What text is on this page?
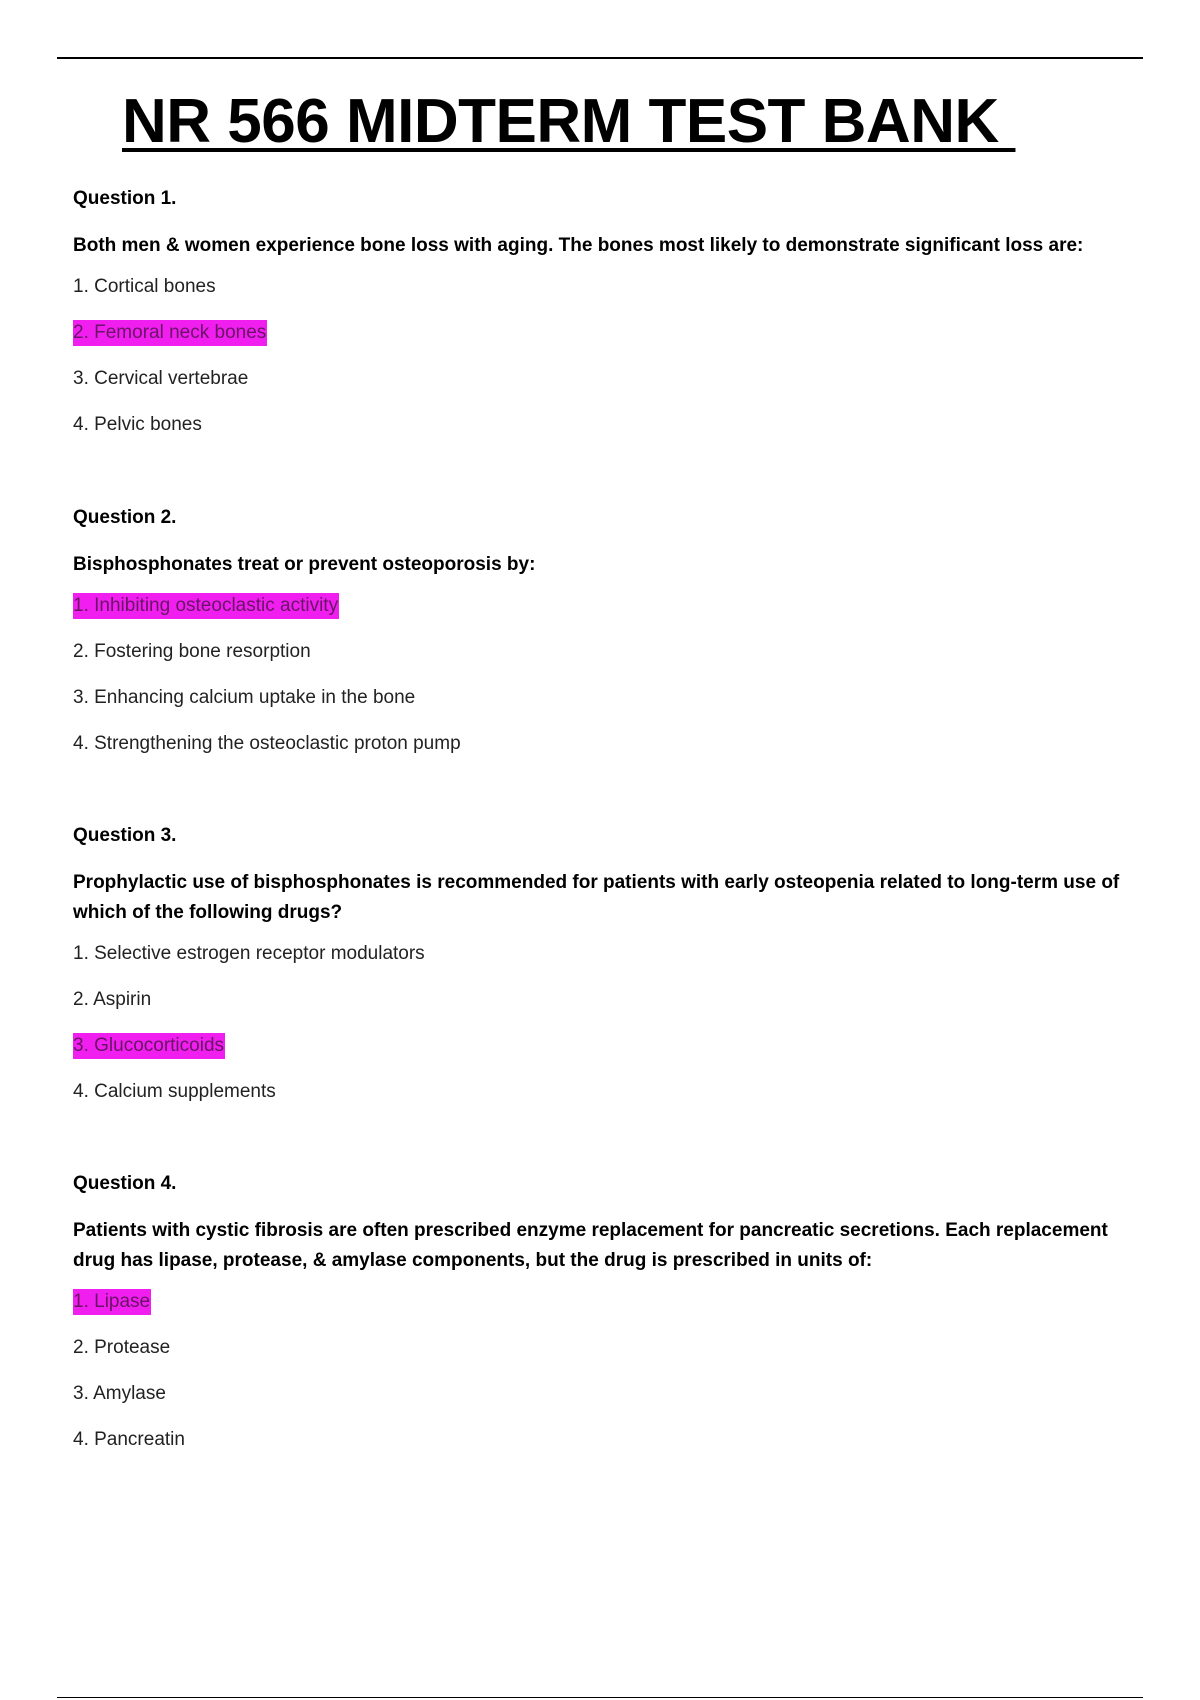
NR 566 MIDTERM TEST BANK

Question 1.

Both men & women experience bone loss with aging. The bones most likely to demonstrate significant loss are:

1. Cortical bones
2. Femoral neck bones
3. Cervical vertebrae
4. Pelvic bones

Question 2.

Bisphosphonates treat or prevent osteoporosis by:

1. Inhibiting osteoclastic activity
2. Fostering bone resorption
3. Enhancing calcium uptake in the bone
4. Strengthening the osteoclastic proton pump

Question 3.

Prophylactic use of bisphosphonates is recommended for patients with early osteopenia related to long-term use of which of the following drugs?

1. Selective estrogen receptor modulators
2. Aspirin
3. Glucocorticoids
4. Calcium supplements

Question 4.

Patients with cystic fibrosis are often prescribed enzyme replacement for pancreatic secretions. Each replacement drug has lipase, protease, & amylase components, but the drug is prescribed in units of:

1. Lipase
2. Protease
3. Amylase
4. Pancreatin
